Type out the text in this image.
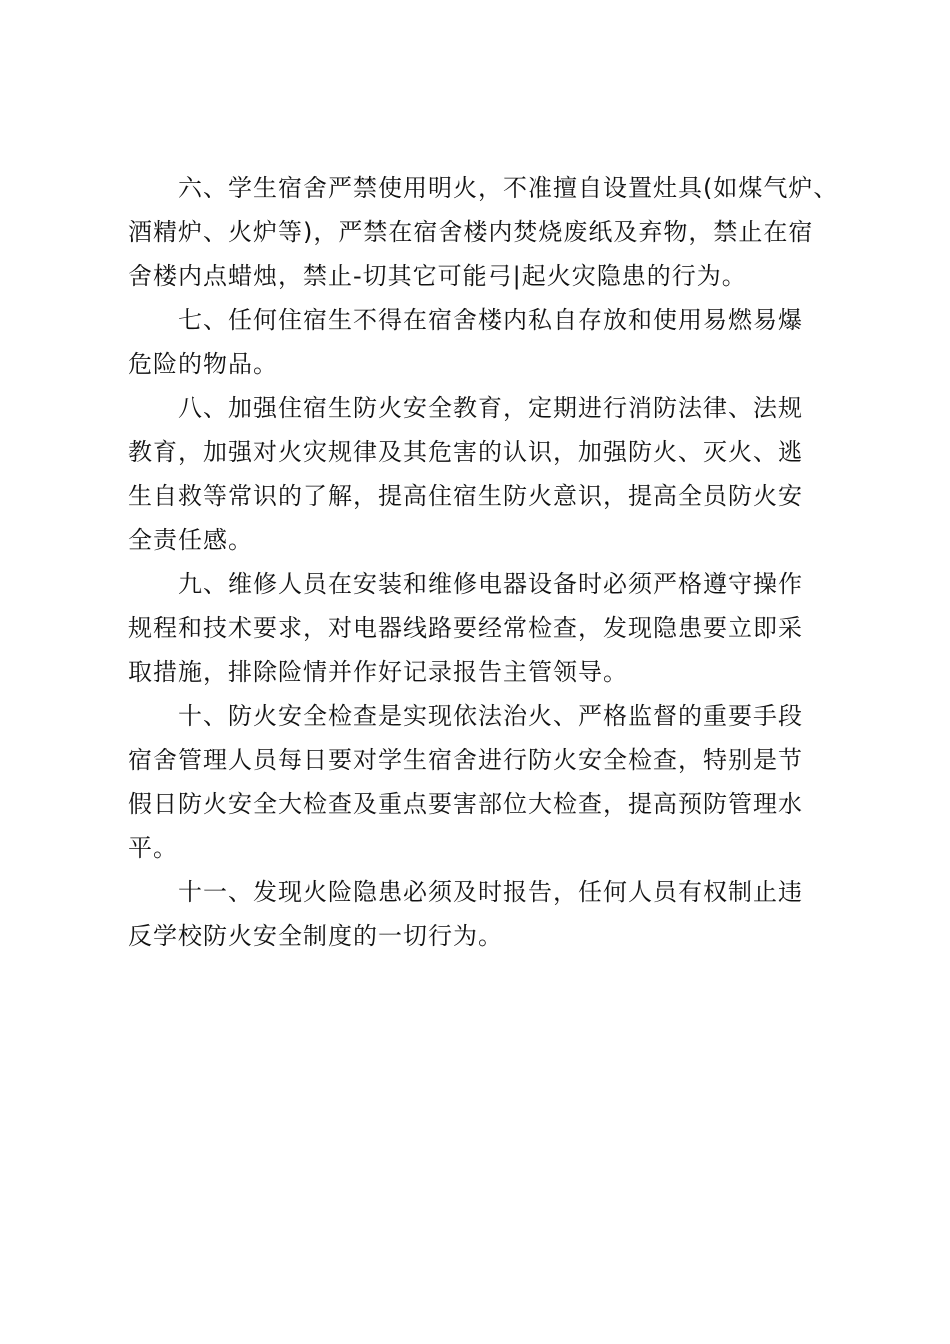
六、学生宿舍严禁使用明火，不准擅自设置灶具(如煤气炉、
酒精炉、火炉等)，严禁在宿舍楼内焚烧废纸及弃物，禁止在宿
舍楼内点蜡烛，禁止-切其它可能弓|起火灾隐患的行为。
七、任何住宿生不得在宿舍楼内私自存放和使用易燃易爆
危险的物品。
八、加强住宿生防火安全教育，定期进行消防法律、法规
教育，加强对火灾规律及其危害的认识，加强防火、灭火、逃
生自救等常识的了解，提高住宿生防火意识，提高全员防火安
全责任感。
九、维修人员在安装和维修电器设备时必须严格遵守操作
规程和技术要求，对电器线路要经常检查，发现隐患要立即采
取措施，排除险情并作好记录报告主管领导。
十、防火安全检查是实现依法治火、严格监督的重要手段
宿舍管理人员每日要对学生宿舍进行防火安全检查，特别是节
假日防火安全大检查及重点要害部位大检查，提高预防管理水
平。
十一、发现火险隐患必须及时报告，任何人员有权制止违
反学校防火安全制度的一切行为。
